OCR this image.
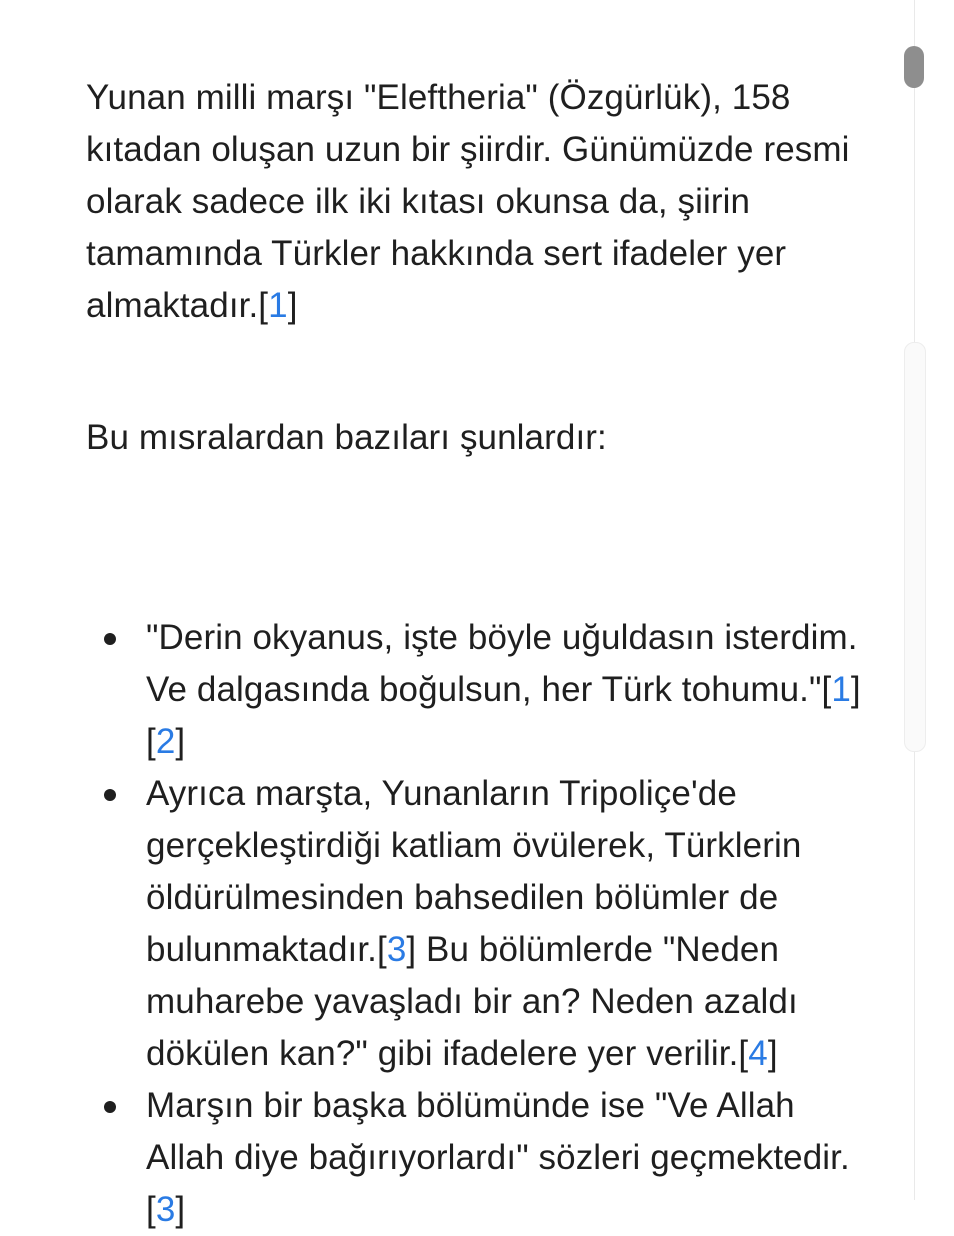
Yunan milli marşı "Eleftheria" (Özgürlük), 158 kıtadan oluşan uzun bir şiirdir. Günümüzde resmi olarak sadece ilk iki kıtası okunsa da, şiirin tamamında Türkler hakkında sert ifadeler yer almaktadır.[1]

Bu mısralardan bazıları şunlardır:

"Derin okyanus, işte böyle uğuldasın isterdim. Ve dalgasında boğulsun, her Türk tohumu."[1][2]
Ayrıca marşta, Yunanların Tripoliçe'de gerçekleştirdiği katliam övülerek, Türklerin öldürülmesinden bahsedilen bölümler de bulunmaktadır.[3] Bu bölümlerde "Neden muharebe yavaşladı bir an? Neden azaldı dökülen kan?" gibi ifadelere yer verilir.[4]
Marşın bir başka bölümünde ise "Ve Allah Allah diye bağırıyorlardı" sözleri geçmektedir.[3]
